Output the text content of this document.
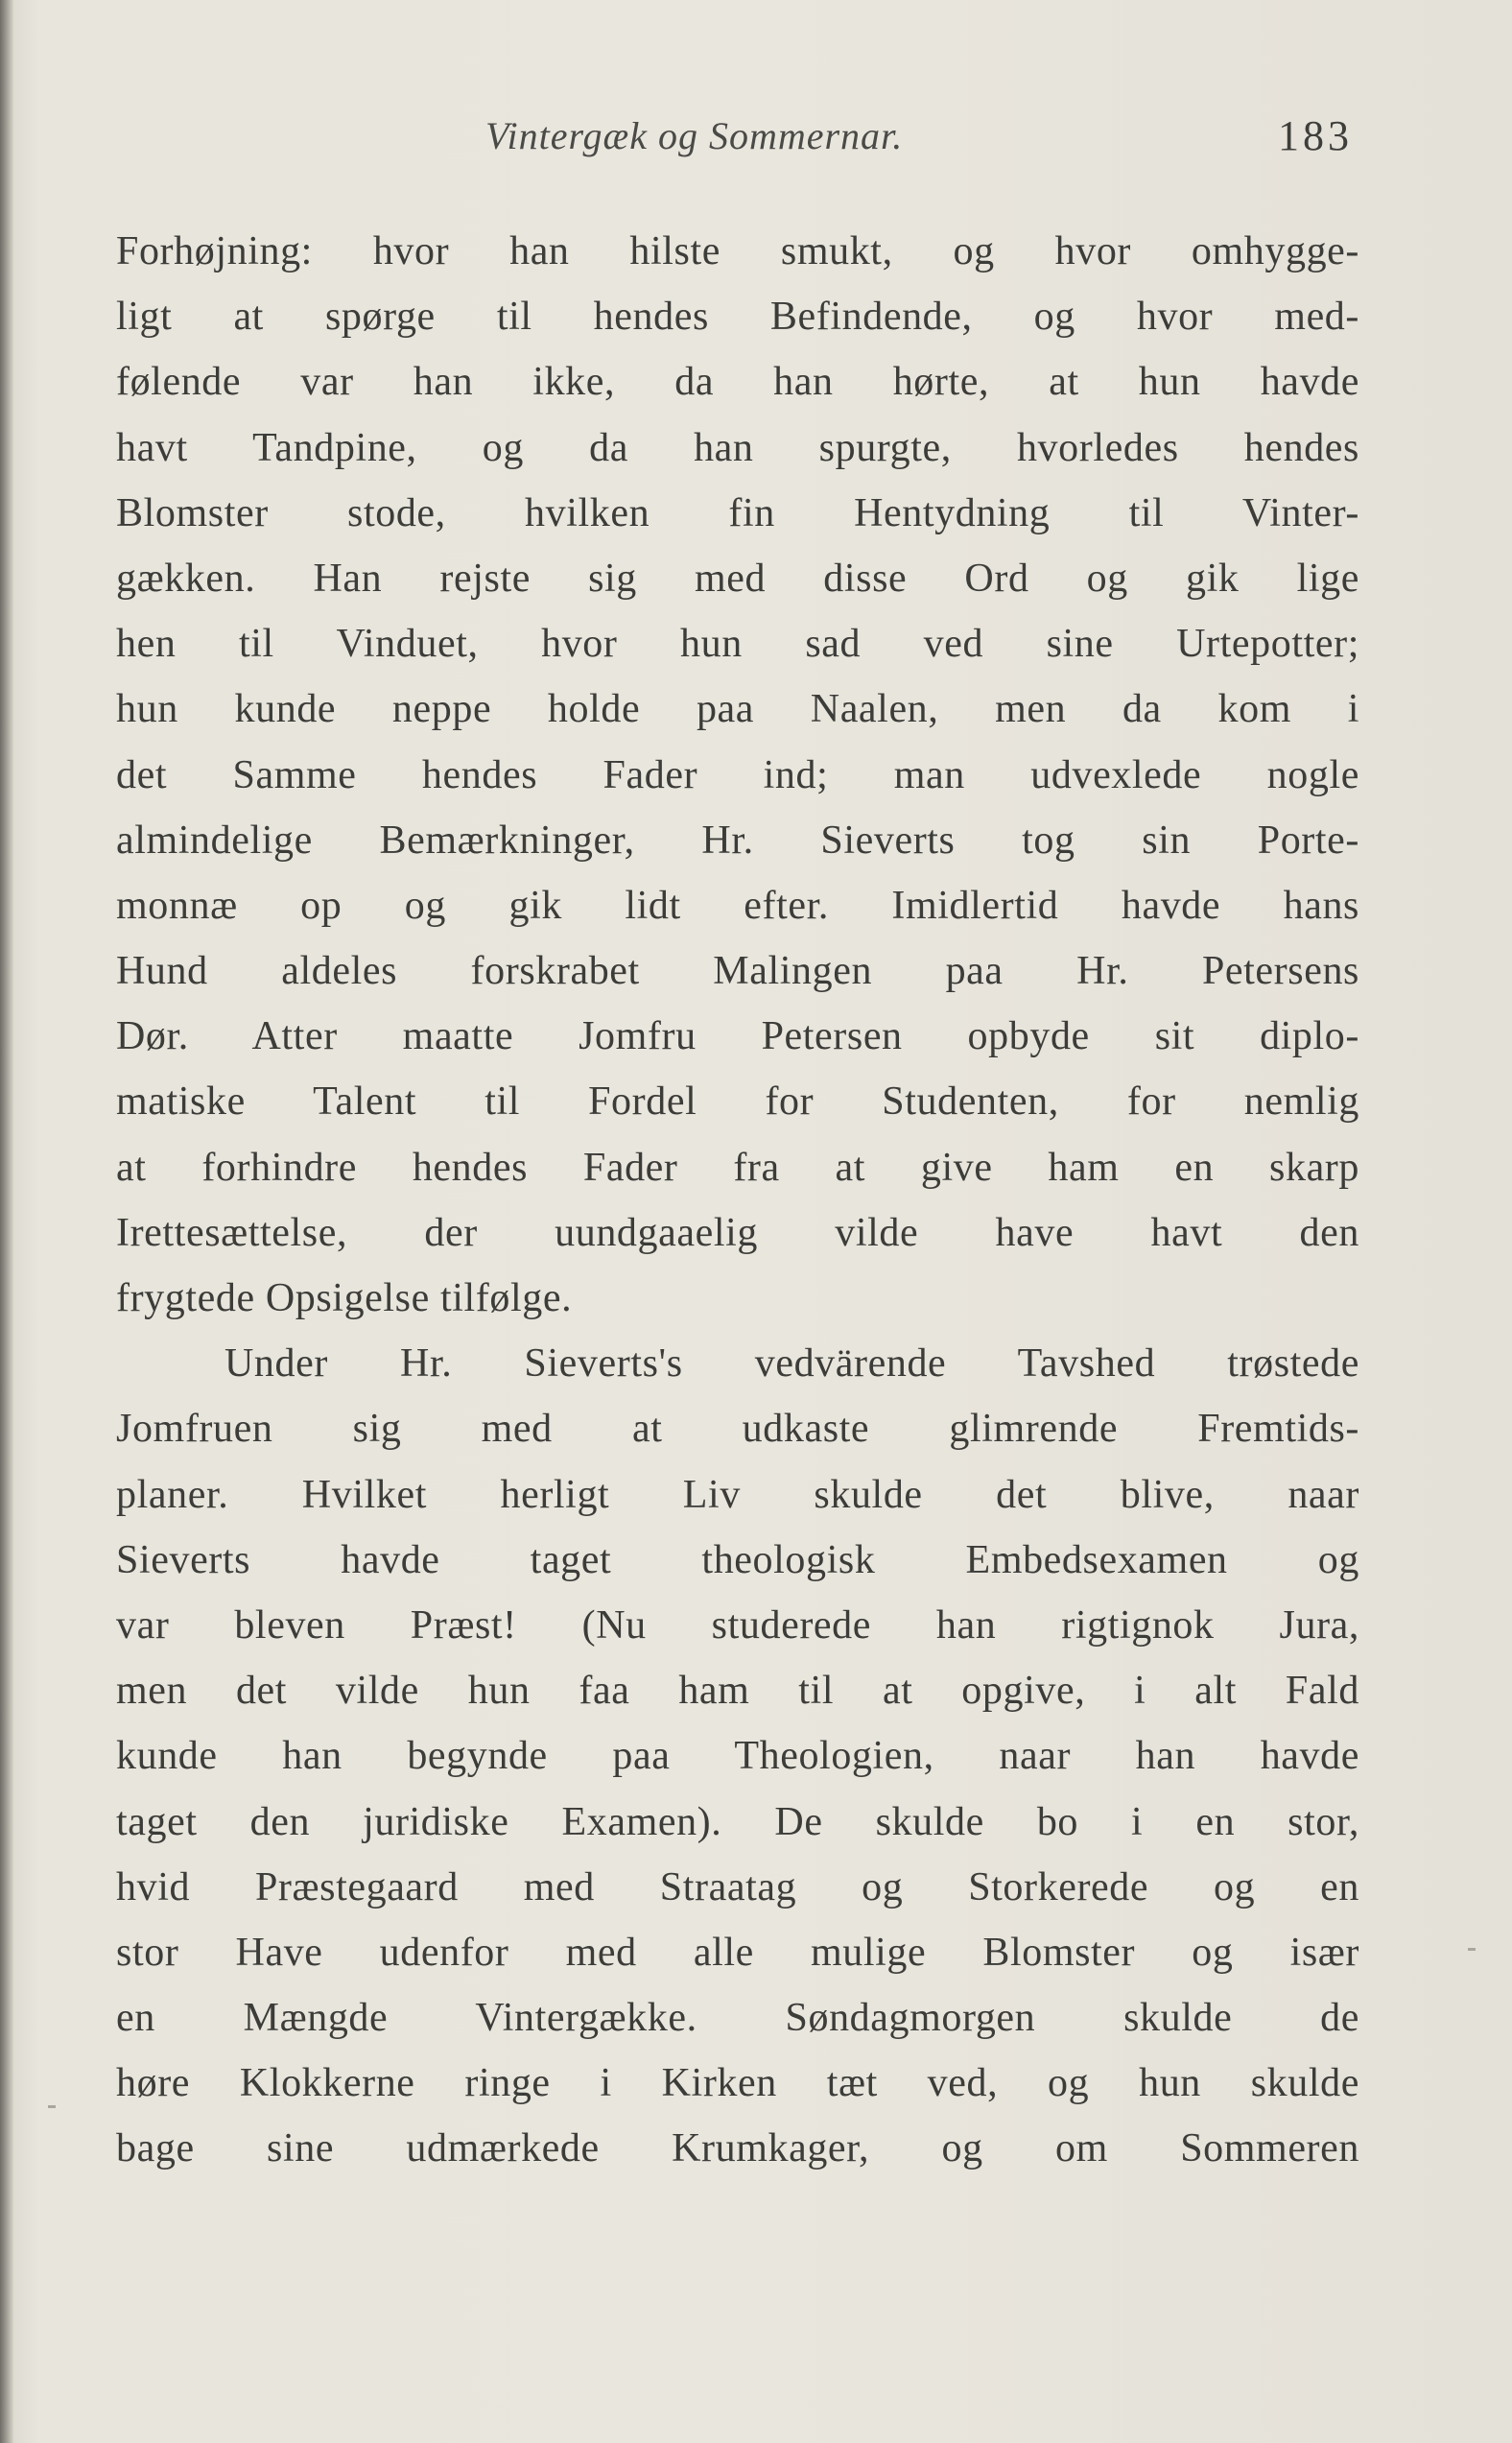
Vintergæk og Sommernar.	183
Forhøjning: hvor han hilste smukt, og hvor omhygge-
ligt at spørge til hendes Befindende, og hvor med-
følende var han ikke, da han hørte, at hun havde
havt Tandpine, og da han spurgte, hvorledes hendes
Blomster stode, hvilken fin Hentydning til Vinter-
gækken. Han rejste sig med disse Ord og gik lige
hen til Vinduet, hvor hun sad ved sine Urtepotter;
hun kunde neppe holde paa Naalen, men da kom i
det Samme hendes Fader ind; man udvexlede nogle
almindelige Bemærkninger, Hr. Sieverts tog sin Porte-
monnæ op og gik lidt efter. Imidlertid havde hans
Hund aldeles forskrabet Malingen paa Hr. Petersens
Dør. Atter maatte Jomfru Petersen opbyde sit diplo-
matiske Talent til Fordel for Studenten, for nemlig
at forhindre hendes Fader fra at give ham en skarp
Irettesættelse, der uundgaaelig vilde have havt den
frygtede Opsigelse tilfølge.
Under Hr. Sieverts's vedvärende Tavshed trøstede
Jomfruen sig med at udkaste glimrende Fremtids-
planer. Hvilket herligt Liv skulde det blive, naar
Sieverts havde taget theologisk Embedsexamen og
var bleven Præst! (Nu studerede han rigtignok Jura,
men det vilde hun faa ham til at opgive, i alt Fald
kunde han begynde paa Theologien, naar han havde
taget den juridiske Examen). De skulde bo i en stor,
hvid Præstegaard med Straatag og Storkerede og en
stor Have udenfor med alle mulige Blomster og især
en Mængde Vintergække. Søndagmorgen skulde de
høre Klokkerne ringe i Kirken tæt ved, og hun skulde
bage sine udmærkede Krumkager, og om Sommeren
